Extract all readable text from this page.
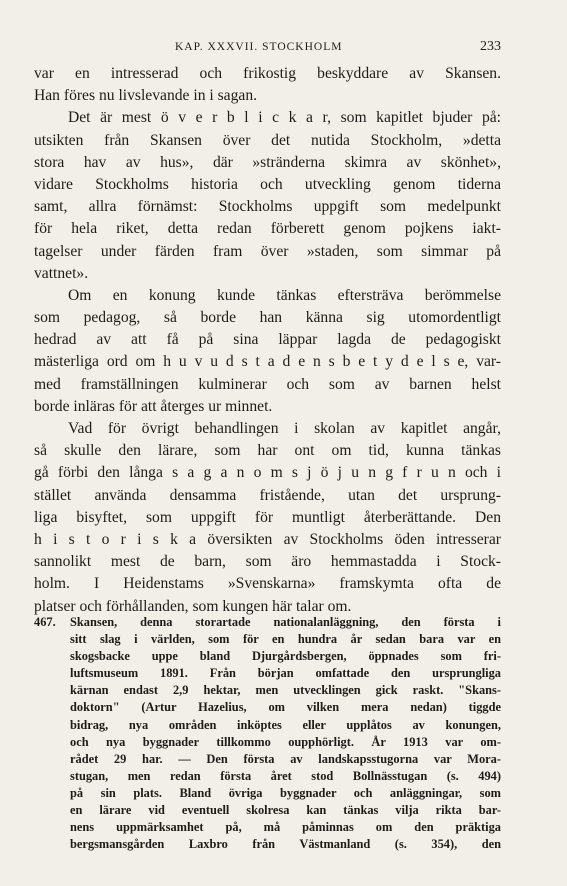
KAP. XXXVII. STOCKHOLM	233
var en intresserad och frikostig beskyddare av Skansen.
Han föres nu livslevande in i sagan.
Det är mest ö v e r b l i c k a r, som kapitlet bjuder på:
utsikten från Skansen över det nutida Stockholm, »detta
stora hav av hus», där »stränderna skimra av skönhet»,
vidare Stockholms historia och utveckling genom tiderna
samt, allra förnämst: Stockholms uppgift som medelpunkt
för hela riket, detta redan förberett genom pojkens iakt-
tagelser under färden fram över »staden, som simmar på
vattnet».
Om en konung kunde tänkas eftersträva berömmelse
som pedagog, så borde han känna sig utomordentligt
hedrad av att få på sina läppar lagda de pedagogiskt
mästerliga ord om h u v u d s t a d e n s b e t y d e l s e, var-
med framställningen kulminerar och som av barnen helst
borde inläras för att återges ur minnet.
Vad för övrigt behandlingen i skolan av kapitlet angår,
så skulle den lärare, som har ont om tid, kunna tänkas
gå förbi den långa s a g a n o m s j ö j u n g f r u n och i
stället använda densamma fristående, utan det ursprung-
liga bisyftet, som uppgift för muntligt återberättande. Den
h i s t o r i s k a översikten av Stockholms öden intresserar
sannolikt mest de barn, som äro hemmastadda i Stock-
holm. I Heidenstams »Svenskarna» framskymta ofta de
platser och förhållanden, som kungen här talar om.
467. Skansen, denna storartade nationalanläggning, den första i
sitt slag i världen, som för en hundra år sedan bara var en
skogsbacke uppe bland Djurgårdsbergen, öppnades som fri-
luftsmuseum 1891. Från början omfattade den ursprungliga
kärnan endast 2,9 hektar, men utvecklingen gick raskt. "Skans-
doktorn" (Artur Hazelius, om vilken mera nedan) tiggde
bidrag, nya områden inköptes eller upplåtos av konungen,
och nya byggnader tillkommo oupphörligt. År 1913 var om-
rådet 29 har. — Den första av landskapsstugorna var Mora-
stugan, men redan första året stod Bollnässtugan (s. 494)
på sin plats. Bland övriga byggnader och anläggningar, som
en lärare vid eventuell skolresa kan tänkas vilja rikta bar-
nens uppmärksamhet på, må påminnas om den präktiga
bergsmansgården Laxbro från Västmanland (s. 354), den
